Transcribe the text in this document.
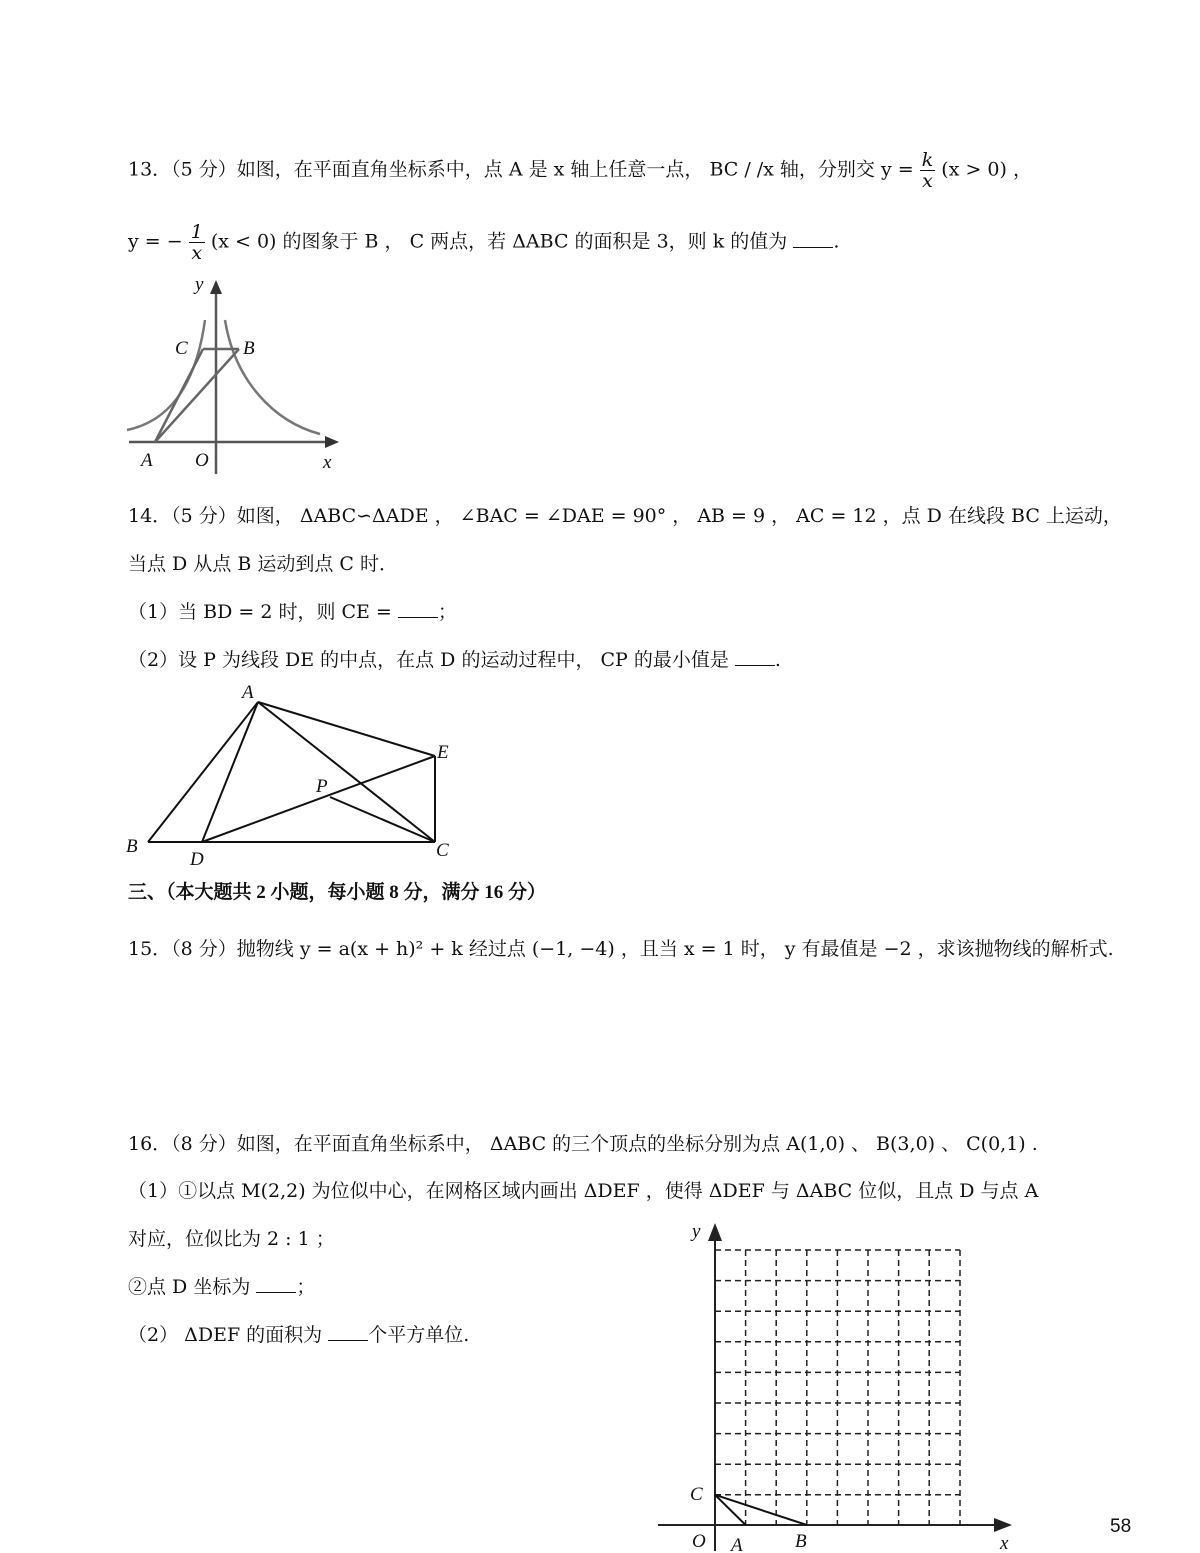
13．（5 分）如图，在平面直角坐标系中，点 A 是 x 轴上任意一点， BC / /x 轴，分别交 $y = \frac{k}{x} (x > 0)$ ，
y = − $\frac{1}{x} (x < 0)$ 的图象于 B ， C 两点，若 ΔABC 的面积是 3，则 k 的值为 .
y
C	B
A O	x
14．（5 分）如图， ΔABC∽ΔADE ， ∠BAC = ∠DAE = 90° ， AB = 9 ， AC = 12 ，点 D 在线段 BC 上运动，
当点 D 从点 B 运动到点 C 时．
（1）当 BD = 2 时，则 CE = ；
（2）设 P 为线段 DE 的中点，在点 D 的运动过程中， CP 的最小值是 .
A
E
P
B
D	C
三、（本大题共 2 小题，每小题 8 分，满分 16 分）
15．（8 分）抛物线 y = a(x + h)² + k 经过点 (−1, −4) ，且当 x = 1 时， y 有最值是 −2 ，求该抛物线的解析式.
16．（8 分）如图，在平面直角坐标系中， ΔABC 的三个顶点的坐标分别为点 A(1,0) 、 B(3,0) 、 C(0,1) .
（1）①以点 M(2,2) 为位似中心，在网格区域内画出 ΔDEF ，使得 ΔDEF 与 ΔABC 位似，且点 D 与点 A
对应，位似比为 2 : 1 ；
②点 D 坐标为 ；
（2） ΔDEF 的面积为 个平方单位.
y
C
O A	B	x
58
